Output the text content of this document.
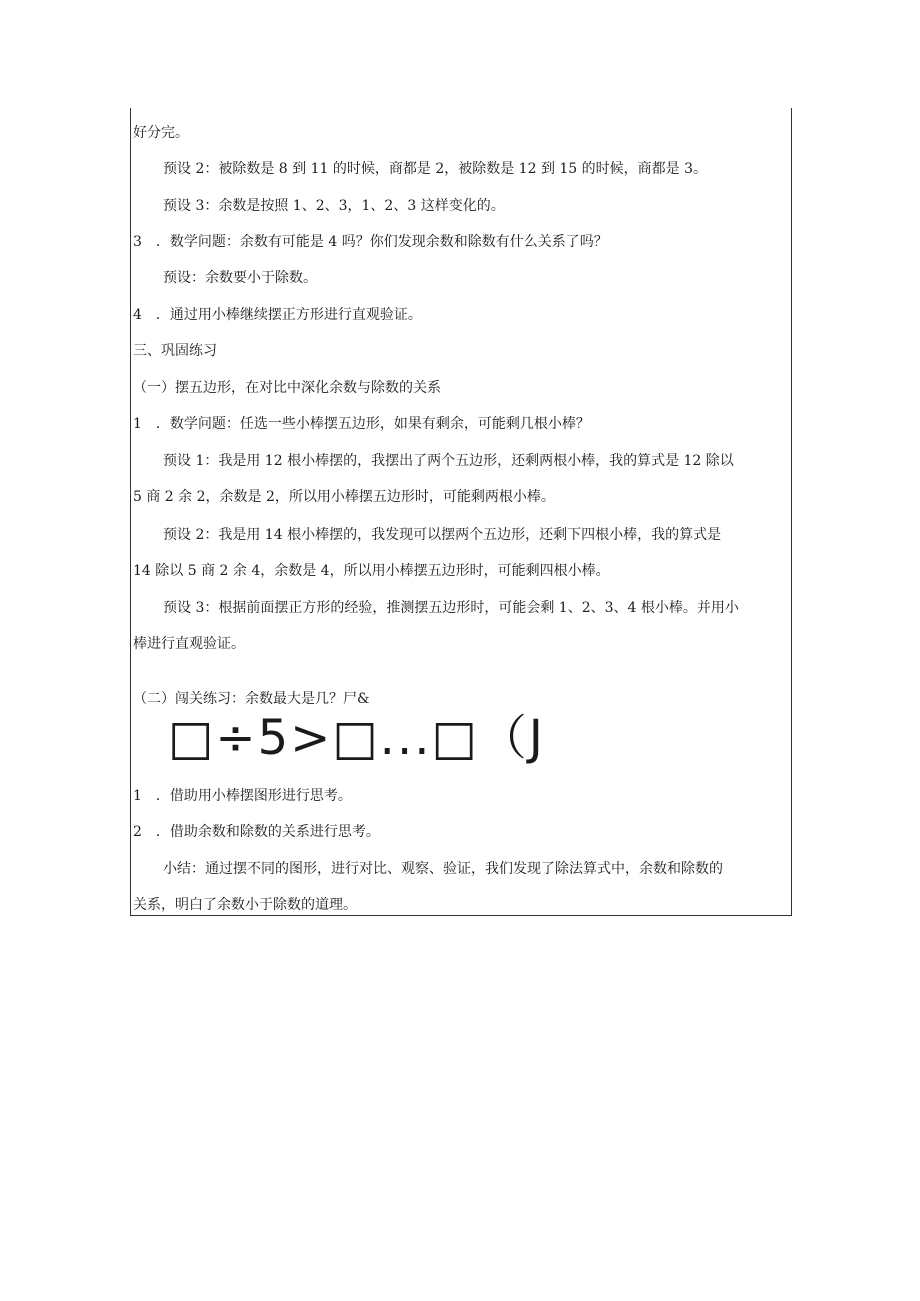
好分完。
预设 2：被除数是 8 到 11 的时候，商都是 2，被除数是 12 到 15 的时候，商都是 3。
预设 3：余数是按照 1、2、3，1、2、3 这样变化的。
3　．数学问题：余数有可能是 4 吗？你们发现余数和除数有什么关系了吗？
预设：余数要小于除数。
4　．通过用小棒继续摆正方形进行直观验证。
三、巩固练习
（一）摆五边形，在对比中深化余数与除数的关系
1　．数学问题：任选一些小棒摆五边形，如果有剩余，可能剩几根小棒？
预设 1：我是用 12 根小棒摆的，我摆出了两个五边形，还剩两根小棒，我的算式是 12 除以
5 商 2 余 2，余数是 2，所以用小棒摆五边形时，可能剩两根小棒。
预设 2：我是用 14 根小棒摆的，我发现可以摆两个五边形，还剩下四根小棒，我的算式是
14 除以 5 商 2 余 4，余数是 4，所以用小棒摆五边形时，可能剩四根小棒。
预设 3：根据前面摆正方形的经验，推测摆五边形时，可能会剩 1、2、3、4 根小棒。并用小
棒进行直观验证。
（二）闯关练习：余数最大是几？尸&
□÷5>□...□（J
1　．借助用小棒摆图形进行思考。
2　．借助余数和除数的关系进行思考。
小结：通过摆不同的图形，进行对比、观察、验证，我们发现了除法算式中，余数和除数的
关系，明白了余数小于除数的道理。
